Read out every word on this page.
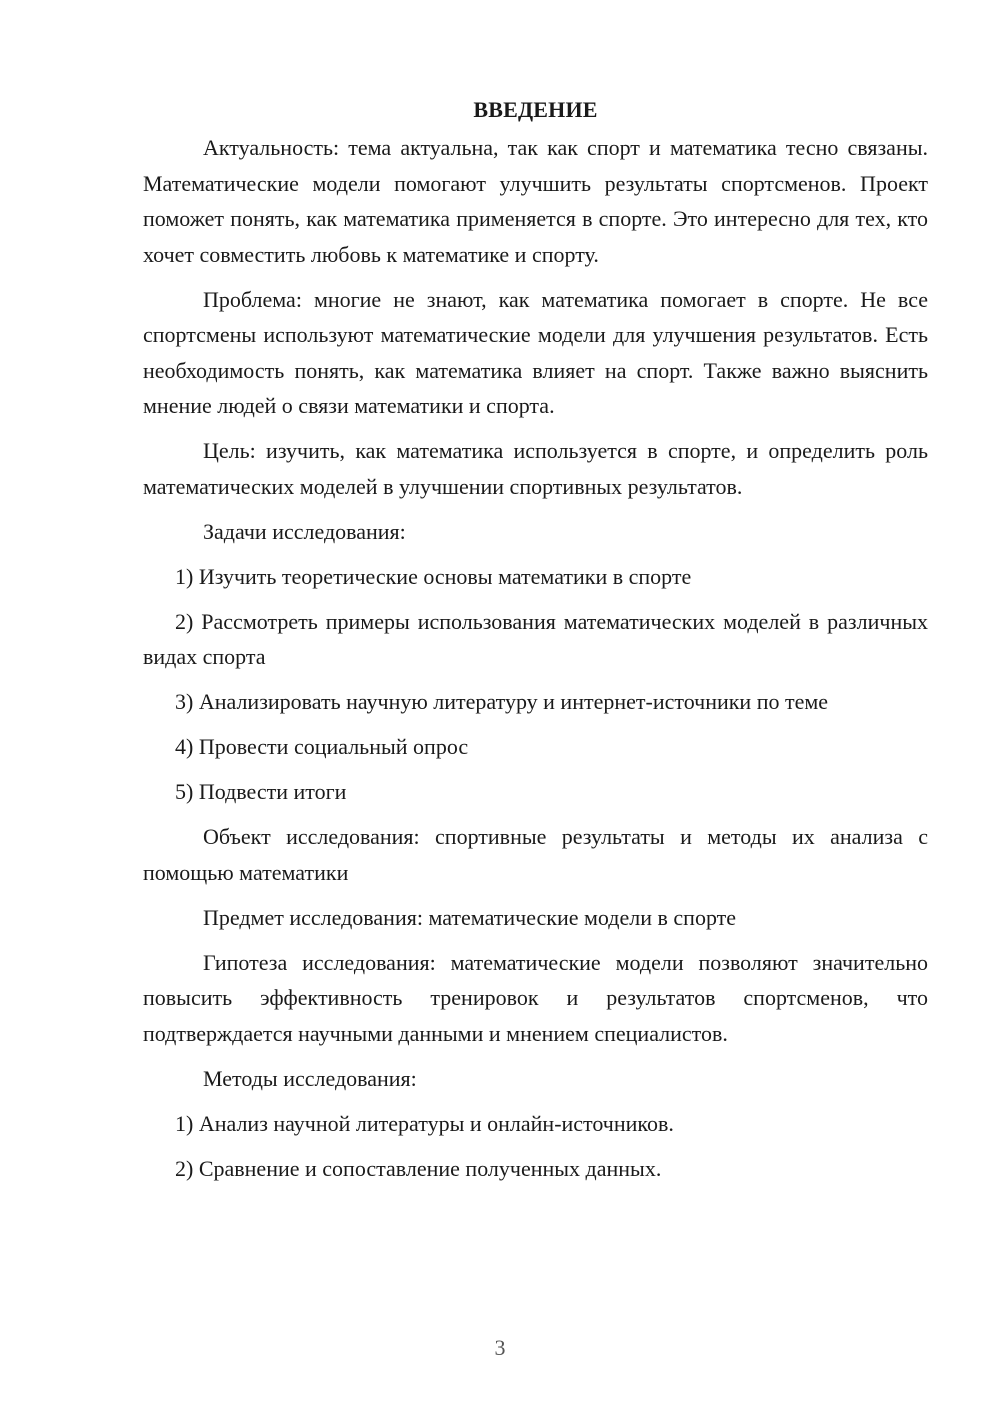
ВВЕДЕНИЕ

Актуальность: тема актуальна, так как спорт и математика тесно связаны. Математические модели помогают улучшить результаты спортсменов. Проект поможет понять, как математика применяется в спорте. Это интересно для тех, кто хочет совместить любовь к математике и спорту.

Проблема: многие не знают, как математика помогает в спорте. Не все спортсмены используют математические модели для улучшения результатов. Есть необходимость понять, как математика влияет на спорт. Также важно выяснить мнение людей о связи математики и спорта.

Цель: изучить, как математика используется в спорте, и определить роль математических моделей в улучшении спортивных результатов.

Задачи исследования:

1) Изучить теоретические основы математики в спорте

2) Рассмотреть примеры использования математических моделей в различных видах спорта

3) Анализировать научную литературу и интернет-источники по теме

4) Провести социальный опрос

5) Подвести итоги

Объект исследования: спортивные результаты и методы их анализа с помощью математики

Предмет исследования: математические модели в спорте

Гипотеза исследования: математические модели позволяют значительно повысить эффективность тренировок и результатов спортсменов, что подтверждается научными данными и мнением специалистов.

Методы исследования:

1) Анализ научной литературы и онлайн-источников.

2) Сравнение и сопоставление полученных данных.

3
